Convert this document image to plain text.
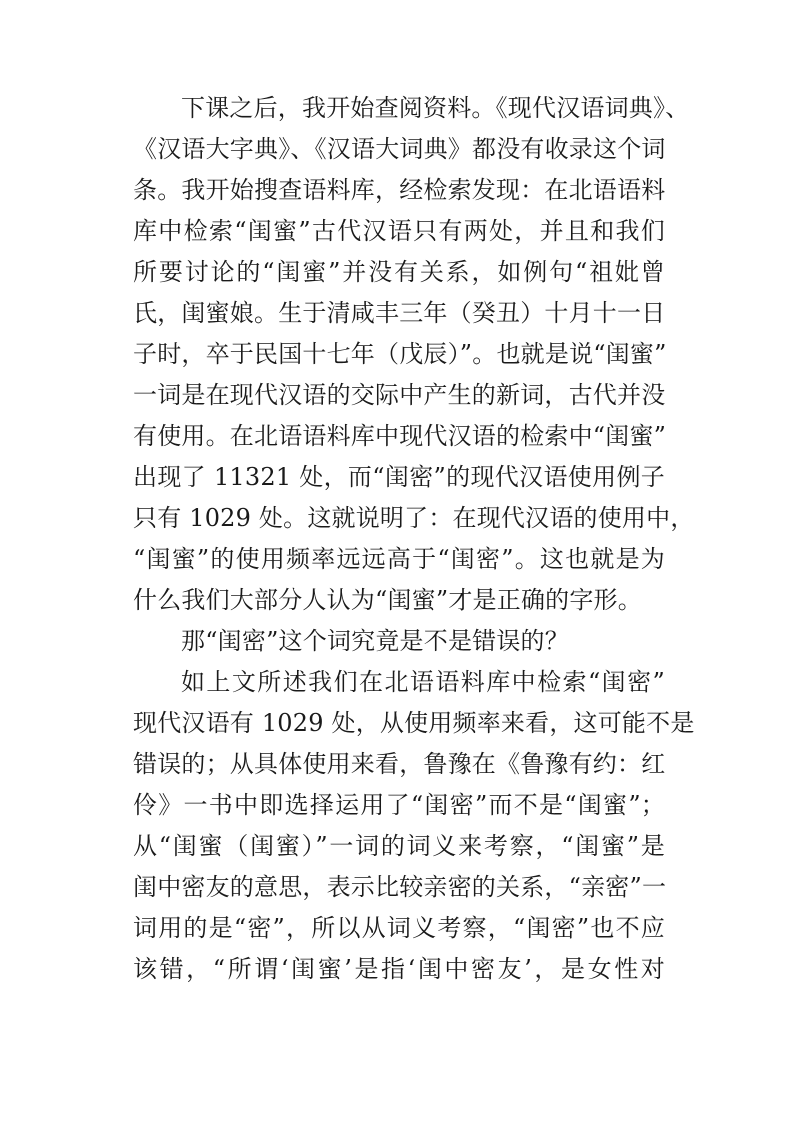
下课之后，我开始查阅资料。《现代汉语词典》、
《汉语大字典》、《汉语大词典》都没有收录这个词
条。我开始搜查语料库，经检索发现：在北语语料
库中检索“闺蜜”古代汉语只有两处，并且和我们
所要讨论的“闺蜜”并没有关系，如例句“祖妣曾
氏，闺蜜娘。生于清咸丰三年（癸丑）十月十一日
子时，卒于民国十七年（戊辰）”。也就是说“闺蜜”
一词是在现代汉语的交际中产生的新词，古代并没
有使用。在北语语料库中现代汉语的检索中“闺蜜”
出现了 11321 处，而“闺密”的现代汉语使用例子
只有 1029 处。这就说明了：在现代汉语的使用中，
“闺蜜”的使用频率远远高于“闺密”。这也就是为
什么我们大部分人认为“闺蜜”才是正确的字形。
那“闺密”这个词究竟是不是错误的？
如上文所述我们在北语语料库中检索“闺密”
现代汉语有 1029 处，从使用频率来看，这可能不是
错误的；从具体使用来看，鲁豫在《鲁豫有约：红
伶》一书中即选择运用了“闺密”而不是“闺蜜”；
从“闺蜜（闺蜜）”一词的词义来考察，“闺蜜”是
闺中密友的意思，表示比较亲密的关系，“亲密”一
词用的是“密”，所以从词义考察，“闺密”也不应
该错，“所谓‘闺蜜’是指‘闺中密友’，是女性对
